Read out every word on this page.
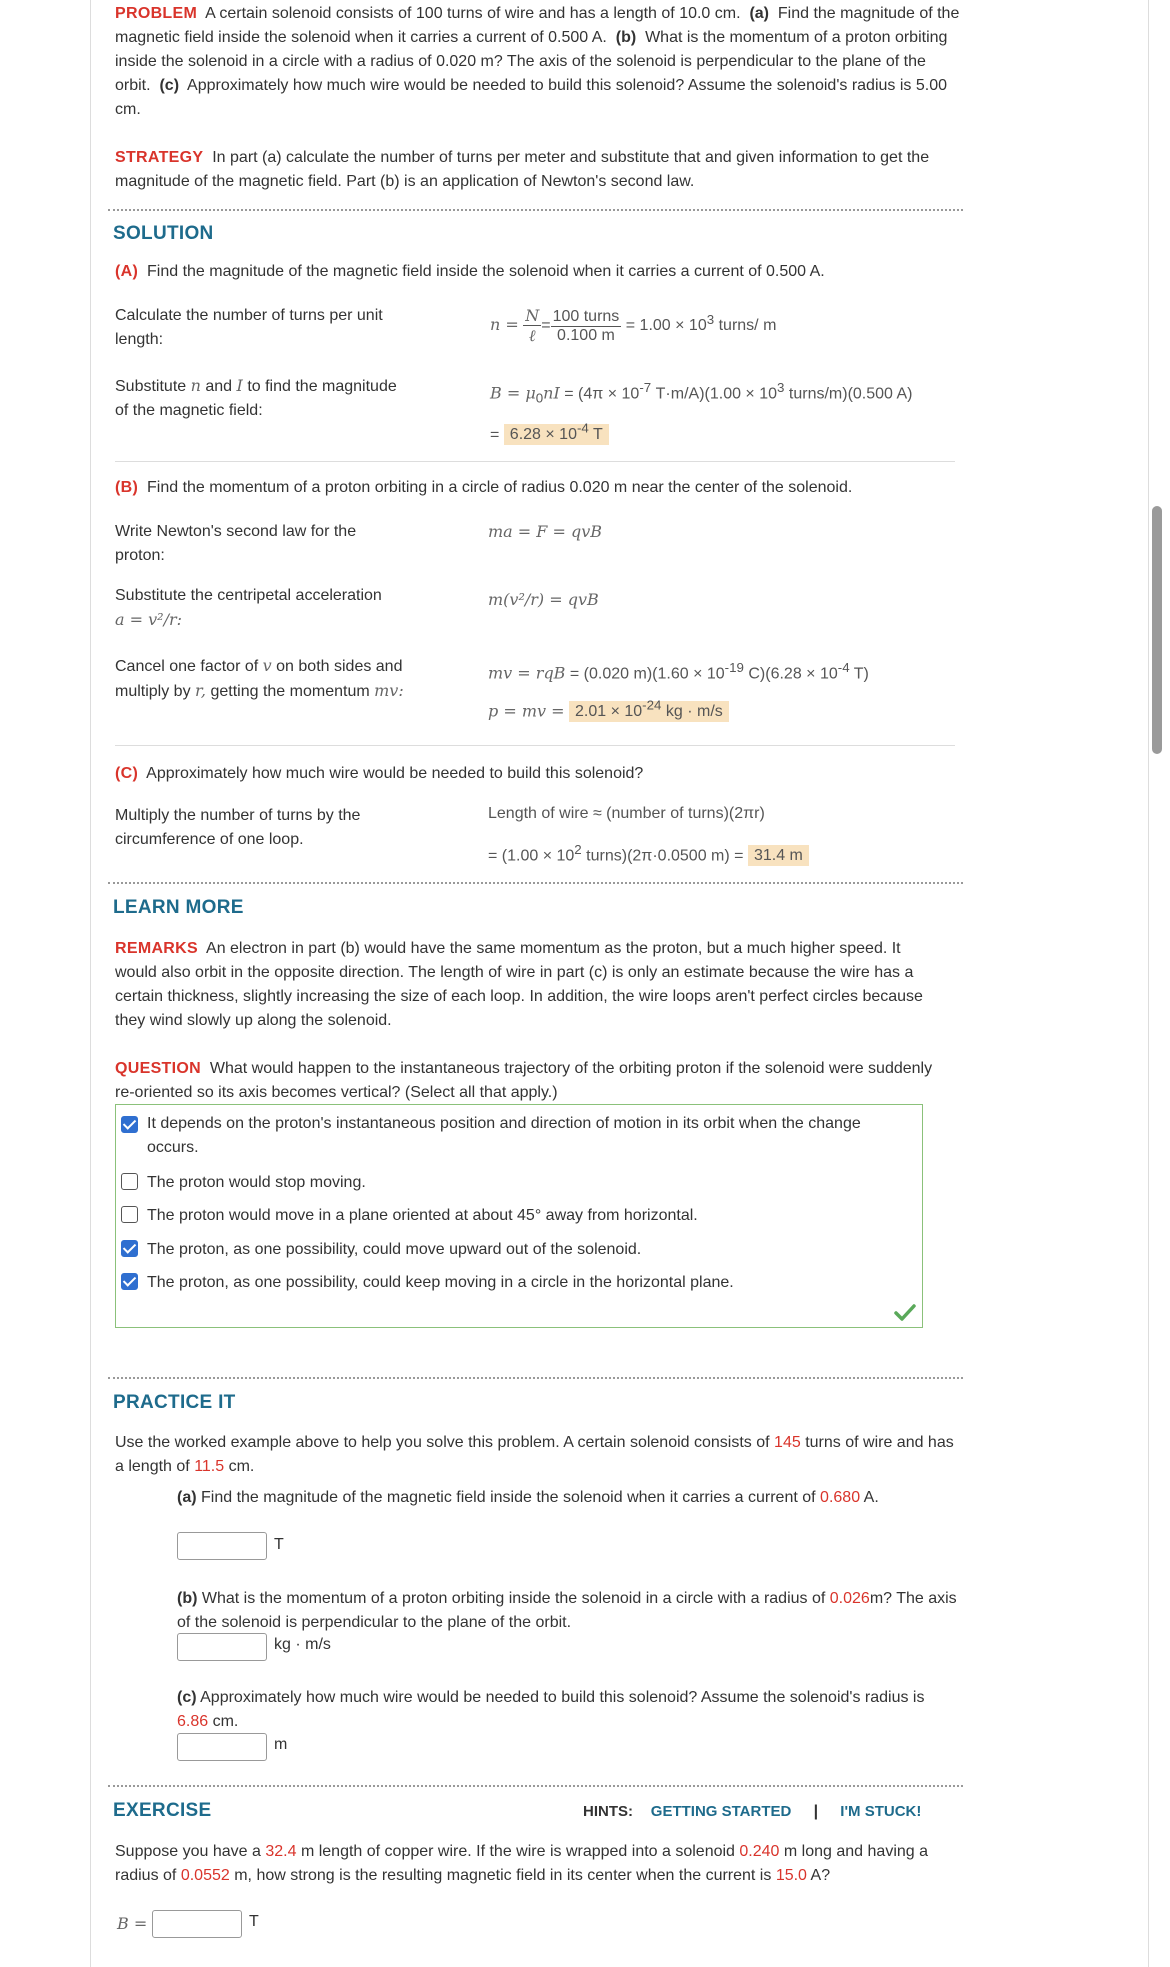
PROBLEM A certain solenoid consists of 100 turns of wire and has a length of 10.0 cm. (a) Find the magnitude of the magnetic field inside the solenoid when it carries a current of 0.500 A. (b) What is the momentum of a proton orbiting inside the solenoid in a circle with a radius of 0.020 m? The axis of the solenoid is perpendicular to the plane of the orbit. (c) Approximately how much wire would be needed to build this solenoid? Assume the solenoid's radius is 5.00 cm.

STRATEGY In part (a) calculate the number of turns per meter and substitute that and given information to get the magnitude of the magnetic field. Part (b) is an application of Newton's second law.

SOLUTION
(A) Find the magnitude of the magnetic field inside the solenoid when it carries a current of 0.500 A.
Calculate the number of turns per unit length:
$n = \frac{N}{\text{ℓ}} = \frac{\text{100 turns}}{0.100 m} = 1.00 \times 10^3$ turns/ m
Substitute n and I to find the magnitude of the magnetic field:
$B = \mu_0nI = (4\pi \times 10^{-7}$ $T\cdot m/A)(1.00 \times 10^3$ turns/m)(0.500 A)
= $6.28 \times 10^{-4}$ T
(B) Find the momentum of a proton orbiting in a circle of radius 0.020 m near the center of the solenoid.
Write Newton's second law for the proton:
ma = F = qvB
Substitute the centripetal acceleration
a = v²/r:
m(v²/r) = qvB
Cancel one factor of v on both sides and multiply by r, getting the momentum mv:
mv = rqB = (0.020 $m)(1.60 \times 10^{-19}$ $C)(6.28 \times 10^{-4}$ T)
p = mv = $2.01 \times 10^{-24}$ kg · m/s
(C) Approximately how much wire would be needed to build this solenoid?
Multiply the number of turns by the circumference of one loop.
Length of wire ≈ (number of turns)(2πr)
= ($1.00 \times 10^2$ turns)(2π·0.0500 m) = 31.4 m
LEARN MORE

REMARKS An electron in part (b) would have the same momentum as the proton, but a much higher speed. It would also orbit in the opposite direction. The length of wire in part (c) is only an estimate because the wire has a certain thickness, slightly increasing the size of each loop. In addition, the wire loops aren't perfect circles because they wind slowly up along the solenoid.

QUESTION What would happen to the instantaneous trajectory of the orbiting proton if the solenoid were suddenly re-oriented so its axis becomes vertical? (Select all that apply.)

It depends on the proton's instantaneous position and direction of motion in its orbit when the change occurs.
The proton would stop moving.
The proton would move in a plane oriented at about 45° away from horizontal.
The proton, as one possibility, could move upward out of the solenoid.
The proton, as one possibility, could keep moving in a circle in the horizontal plane.
PRACTICE IT

Use the worked example above to help you solve this problem. A certain solenoid consists of 145 turns of wire and has a length of 11.5 cm.

(a) Find the magnitude of the magnetic field inside the solenoid when it carries a current of 0.680 A.

T

(b) What is the momentum of a proton orbiting inside the solenoid in a circle with a radius of 0.026m? The axis of the solenoid is perpendicular to the plane of the orbit.

kg · m/s

(c) Approximately how much wire would be needed to build this solenoid? Assume the solenoid's radius is 6.86 cm.

m
EXERCISE	HINTS: GETTING STARTED | I'M STUCK!

Suppose you have a 32.4 m length of copper wire. If the wire is wrapped into a solenoid 0.240 m long and having a radius of 0.0552 m, how strong is the resulting magnetic field in its center when the current is 15.0 A?

B =	T
